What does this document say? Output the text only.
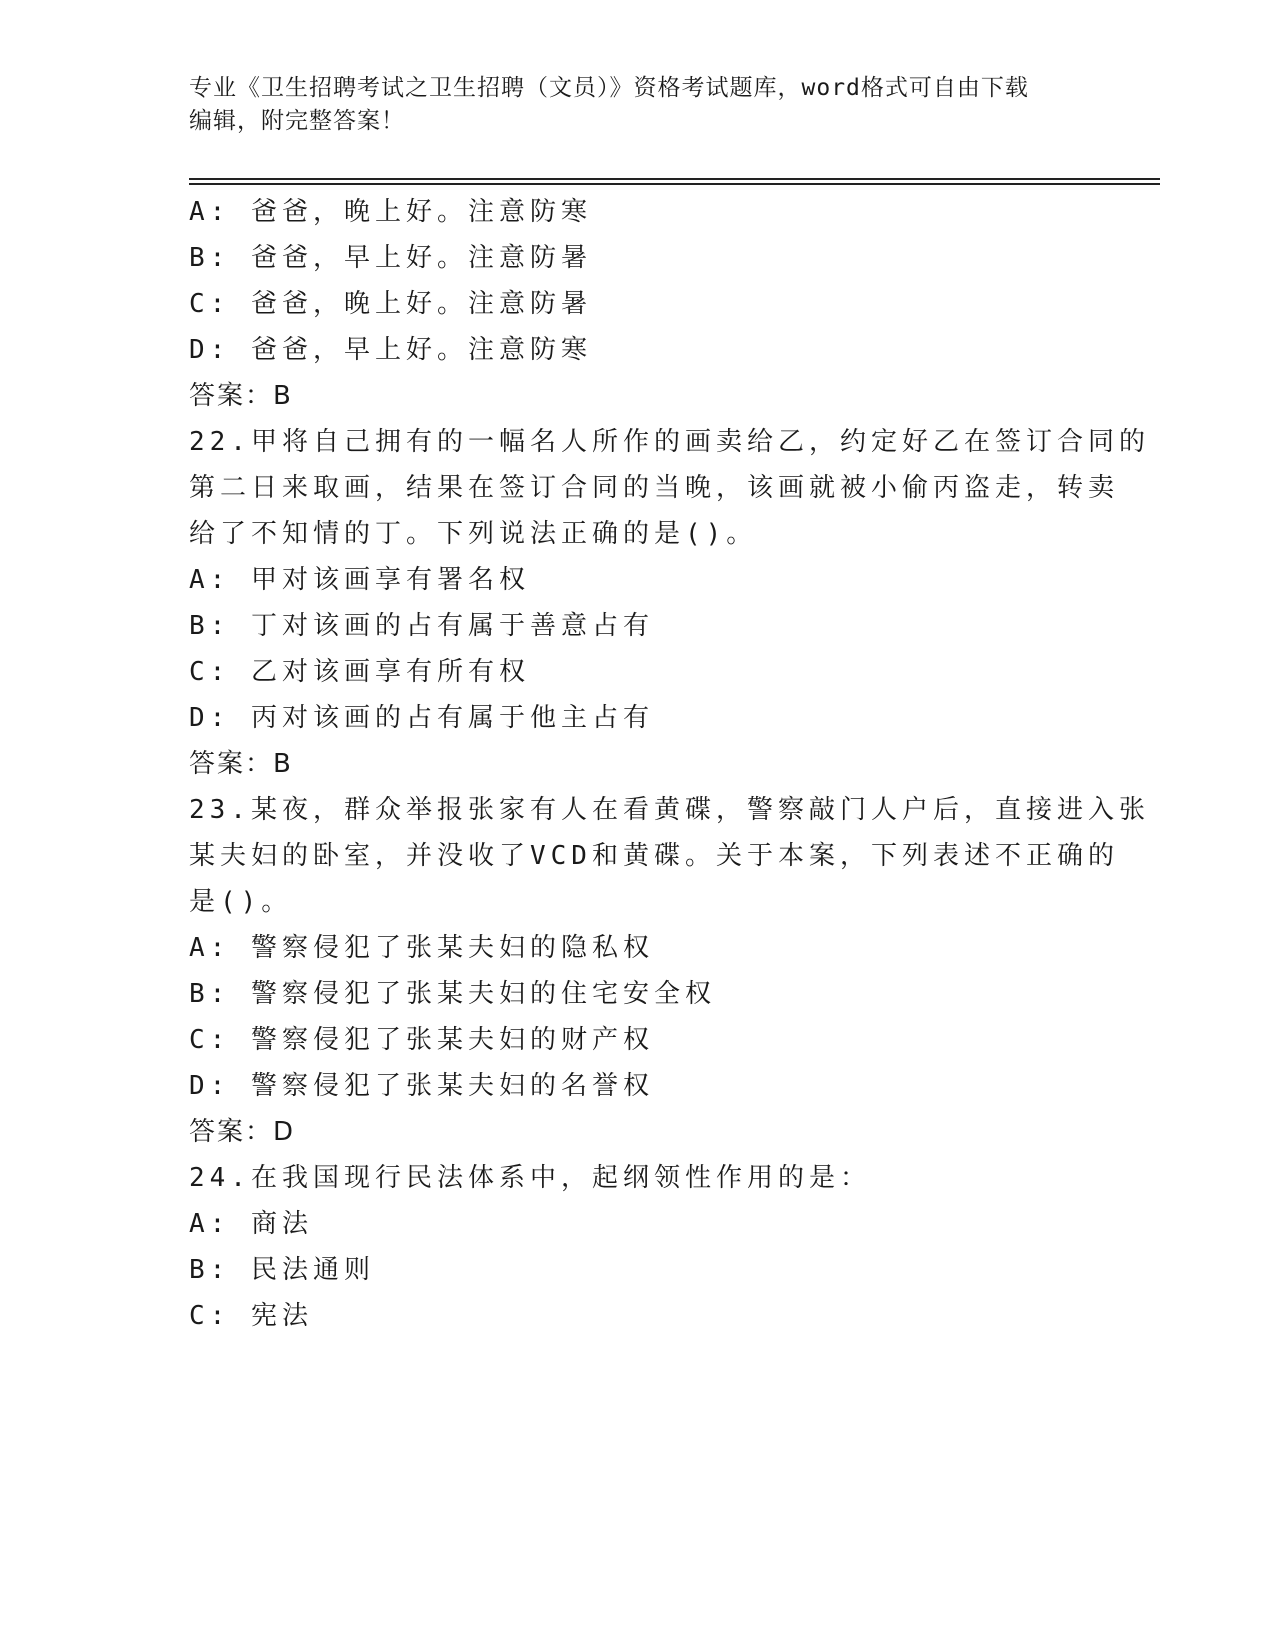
专业《卫生招聘考试之卫生招聘（文员）》资格考试题库，word格式可自由下载
编辑，附完整答案！
A: 爸爸，晚上好。注意防寒
B: 爸爸，早上好。注意防暑
C: 爸爸，晚上好。注意防暑
D: 爸爸，早上好。注意防寒
答案：B
22.甲将自己拥有的一幅名人所作的画卖给乙，约定好乙在签订合同的
第二日来取画，结果在签订合同的当晚，该画就被小偷丙盗走，转卖
给了不知情的丁。下列说法正确的是()。
A: 甲对该画享有署名权
B: 丁对该画的占有属于善意占有
C: 乙对该画享有所有权
D: 丙对该画的占有属于他主占有
答案：B
23.某夜，群众举报张家有人在看黄碟，警察敲门人户后，直接进入张
某夫妇的卧室，并没收了VCD和黄碟。关于本案，下列表述不正确的
是()。
A: 警察侵犯了张某夫妇的隐私权
B: 警察侵犯了张某夫妇的住宅安全权
C: 警察侵犯了张某夫妇的财产权
D: 警察侵犯了张某夫妇的名誉权
答案：D
24.在我国现行民法体系中，起纲领性作用的是：
A: 商法
B: 民法通则
C: 宪法
